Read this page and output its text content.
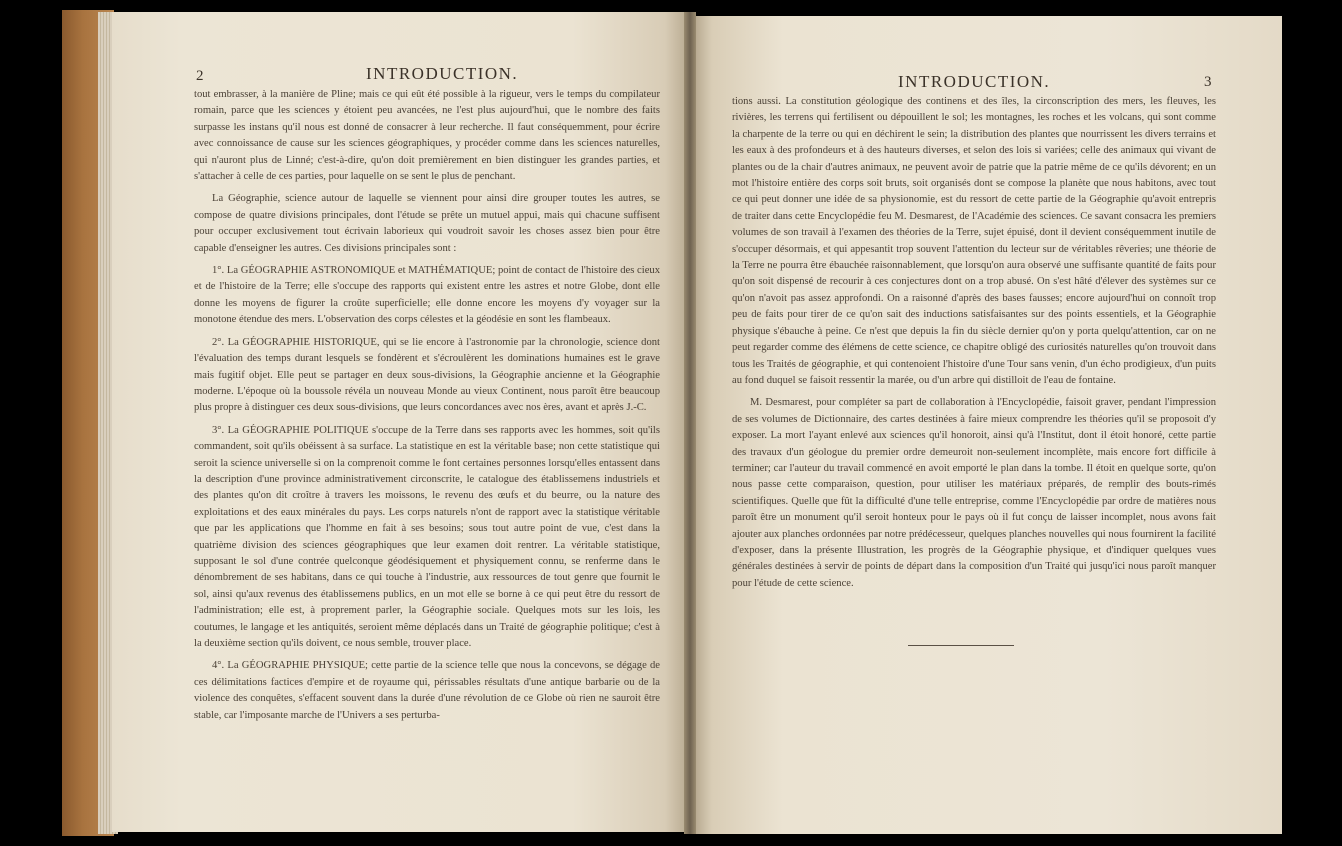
2	INTRODUCTION.

tout embrasser, à la manière de Pline; mais ce qui eût été possible à la rigueur, vers le temps du compilateur romain, parce que les sciences y étoient peu avancées, ne l'est plus aujourd'hui, que le nombre des faits surpasse les instans qu'il nous est donné de consacrer à leur recherche. Il faut conséquemment, pour écrire avec connoissance de cause sur les sciences géographiques, y procéder comme dans les sciences naturelles, qui n'auront plus de Linné; c'est-à-dire, qu'on doit premièrement en bien distinguer les grandes parties, et s'attacher à celle de ces parties, pour laquelle on se sent le plus de penchant.

La Géographie, science autour de laquelle se viennent pour ainsi dire grouper toutes les autres, se compose de quatre divisions principales, dont l'étude se prête un mutuel appui, mais qui chacune suffisent pour occuper exclusivement tout écrivain laborieux qui voudroit savoir les choses assez bien pour être capable d'enseigner les autres. Ces divisions principales sont :

1°. La GÉOGRAPHIE ASTRONOMIQUE et MATHÉMATIQUE; point de contact de l'histoire des cieux et de l'histoire de la Terre; elle s'occupe des rapports qui existent entre les astres et notre Globe, dont elle donne les moyens de figurer la croûte superficielle; elle donne encore les moyens d'y voyager sur la monotone étendue des mers. L'observation des corps célestes et la géodésie en sont les flambeaux.

2°. La GÉOGRAPHIE HISTORIQUE, qui se lie encore à l'astronomie par la chronologie, science dont l'évaluation des temps durant lesquels se fondèrent et s'écroulèrent les dominations humaines est le grave mais fugitif objet. Elle peut se partager en deux sous-divisions, la Géographie ancienne et la Géographie moderne. L'époque où la boussole révéla un nouveau Monde au vieux Continent, nous paroît être beaucoup plus propre à distinguer ces deux sous-divisions, que leurs concordances avec nos ères, avant et après J.-C.

3°. La GÉOGRAPHIE POLITIQUE s'occupe de la Terre dans ses rapports avec les hommes, soit qu'ils commandent, soit qu'ils obéissent à sa surface. La statistique en est la véritable base; non cette statistique qui seroit la science universelle si on la comprenoit comme le font certaines personnes lorsqu'elles entassent dans la description d'une province administrativement circonscrite, le catalogue des établissemens industriels et des plantes qu'on dit croître à travers les moissons, le revenu des œufs et du beurre, ou la nature des exploitations et des eaux minérales du pays. Les corps naturels n'ont de rapport avec la statistique véritable que par les applications que l'homme en fait à ses besoins; sous tout autre point de vue, c'est dans la quatrième division des sciences géographiques que leur examen doit rentrer. La véritable statistique, supposant le sol d'une contrée quelconque géodésiquement et physiquement connu, se renferme dans le dénombrement de ses habitans, dans ce qui touche à l'industrie, aux ressources de tout genre que fournit le sol, ainsi qu'aux revenus des établissemens publics, en un mot elle se borne à ce qui peut être du ressort de l'administration; elle est, à proprement parler, la Géographie sociale. Quelques mots sur les lois, les coutumes, le langage et les antiquités, seroient même déplacés dans un Traité de géographie politique; c'est à la deuxième section qu'ils doivent, ce nous semble, trouver place.

4°. La GÉOGRAPHIE PHYSIQUE; cette partie de la science telle que nous la concevons, se dégage de ces délimitations factices d'empire et de royaume qui, périssables résultats d'une antique barbarie ou de la violence des conquêtes, s'effacent souvent dans la durée d'une révolution de ce Globe où rien ne sauroit être stable, car l'imposante marche de l'Univers a ses perturba-

INTRODUCTION.	3

tions aussi. La constitution géologique des continens et des îles, la circonscription des mers, les fleuves, les rivières, les terrens qui fertilisent ou dépouillent le sol; les montagnes, les roches et les volcans, qui sont comme la charpente de la terre ou qui en déchirent le sein; la distribution des plantes que nourrissent les divers terrains et les eaux à des profondeurs et à des hauteurs diverses, et selon des lois si variées; celle des animaux qui vivant de plantes ou de la chair d'autres animaux, ne peuvent avoir de patrie que la patrie même de ce qu'ils dévorent; en un mot l'histoire entière des corps soit bruts, soit organisés dont se compose la planète que nous habitons, avec tout ce qui peut donner une idée de sa physionomie, est du ressort de cette partie de la Géographie qu'avoit entrepris de traiter dans cette Encyclopédie feu M. Desmarest, de l'Académie des sciences. Ce savant consacra les premiers volumes de son travail à l'examen des théories de la Terre, sujet épuisé, dont il devient conséquemment inutile de s'occuper désormais, et qui appesantit trop souvent l'attention du lecteur sur de véritables rêveries; une théorie de la Terre ne pourra être ébauchée raisonnablement, que lorsqu'on aura observé une suffisante quantité de faits pour qu'on soit dispensé de recourir à ces conjectures dont on a trop abusé. On s'est hâté d'élever des systèmes sur ce qu'on n'avoit pas assez approfondi. On a raisonné d'après des bases fausses; encore aujourd'hui on connoît trop peu de faits pour tirer de ce qu'on sait des inductions satisfaisantes sur des points essentiels, et la Géographie physique s'ébauche à peine. Ce n'est que depuis la fin du siècle dernier qu'on y porta quelqu'attention, car on ne peut regarder comme des élémens de cette science, ce chapitre obligé des curiosités naturelles qu'on trouvoit dans tous les Traités de géographie, et qui contenoient l'histoire d'une Tour sans venin, d'un écho prodigieux, d'un puits au fond duquel se faisoit ressentir la marée, ou d'un arbre qui distilloit de l'eau de fontaine.

M. Desmarest, pour compléter sa part de collaboration à l'Encyclopédie, faisoit graver, pendant l'impression de ses volumes de Dictionnaire, des cartes destinées à faire mieux comprendre les théories qu'il se proposoit d'y exposer. La mort l'ayant enlevé aux sciences qu'il honoroit, ainsi qu'à l'Institut, dont il étoit honoré, cette partie des travaux d'un géologue du premier ordre demeuroit non-seulement incomplète, mais encore fort difficile à terminer; car l'auteur du travail commencé en avoit emporté le plan dans la tombe. Il étoit en quelque sorte, qu'on nous passe cette comparaison, question, pour utiliser les matériaux préparés, de remplir des bouts-rimés scientifiques. Quelle que fût la difficulté d'une telle entreprise, comme l'Encyclopédie par ordre de matières nous paroît être un monument qu'il seroit honteux pour le pays où il fut conçu de laisser incomplet, nous avons fait ajouter aux planches ordonnées par notre prédécesseur, quelques planches nouvelles qui nous fournirent la facilité d'exposer, dans la présente Illustration, les progrès de la Géographie physique, et d'indiquer quelques vues générales destinées à servir de points de départ dans la composition d'un Traité qui jusqu'ici nous paroît manquer pour l'étude de cette science.
